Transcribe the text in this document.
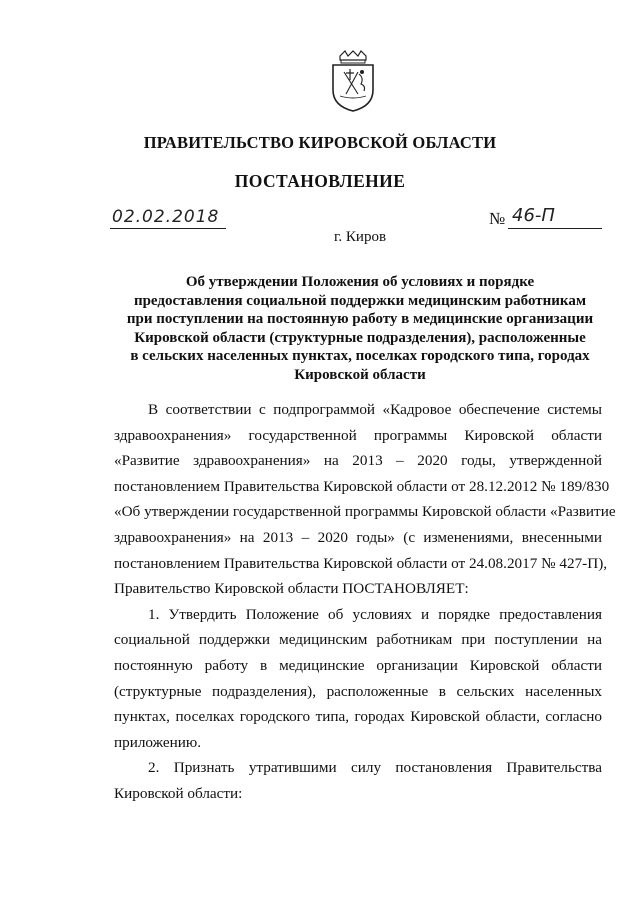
ПРАВИТЕЛЬСТВО КИРОВСКОЙ ОБЛАСТИ
ПОСТАНОВЛЕНИЕ
02.02.2018	№ 46-П
г. Киров
Об утверждении Положения об условиях и порядке
предоставления социальной поддержки медицинским работникам
при поступлении на постоянную работу в медицинские организации
Кировской области (структурные подразделения), расположенные
в сельских населенных пунктах, поселках городского типа, городах
Кировской области
В соответствии с подпрограммой «Кадровое обеспечение системы
здравоохранения» государственной программы Кировской области
«Развитие здравоохранения» на 2013 – 2020 годы, утвержденной
постановлением Правительства Кировской области от 28.12.2012 № 189/830
«Об утверждении государственной программы Кировской области «Развитие
здравоохранения» на 2013 – 2020 годы» (с изменениями, внесенными
постановлением Правительства Кировской области от 24.08.2017 № 427-П),
Правительство Кировской области ПОСТАНОВЛЯЕТ:
1. Утвердить Положение об условиях и порядке предоставления
социальной поддержки медицинским работникам при поступлении на
постоянную работу в медицинские организации Кировской области
(структурные подразделения), расположенные в сельских населенных
пунктах, поселках городского типа, городах Кировской области, согласно
приложению.
2. Признать утратившими силу постановления Правительства
Кировской области:
